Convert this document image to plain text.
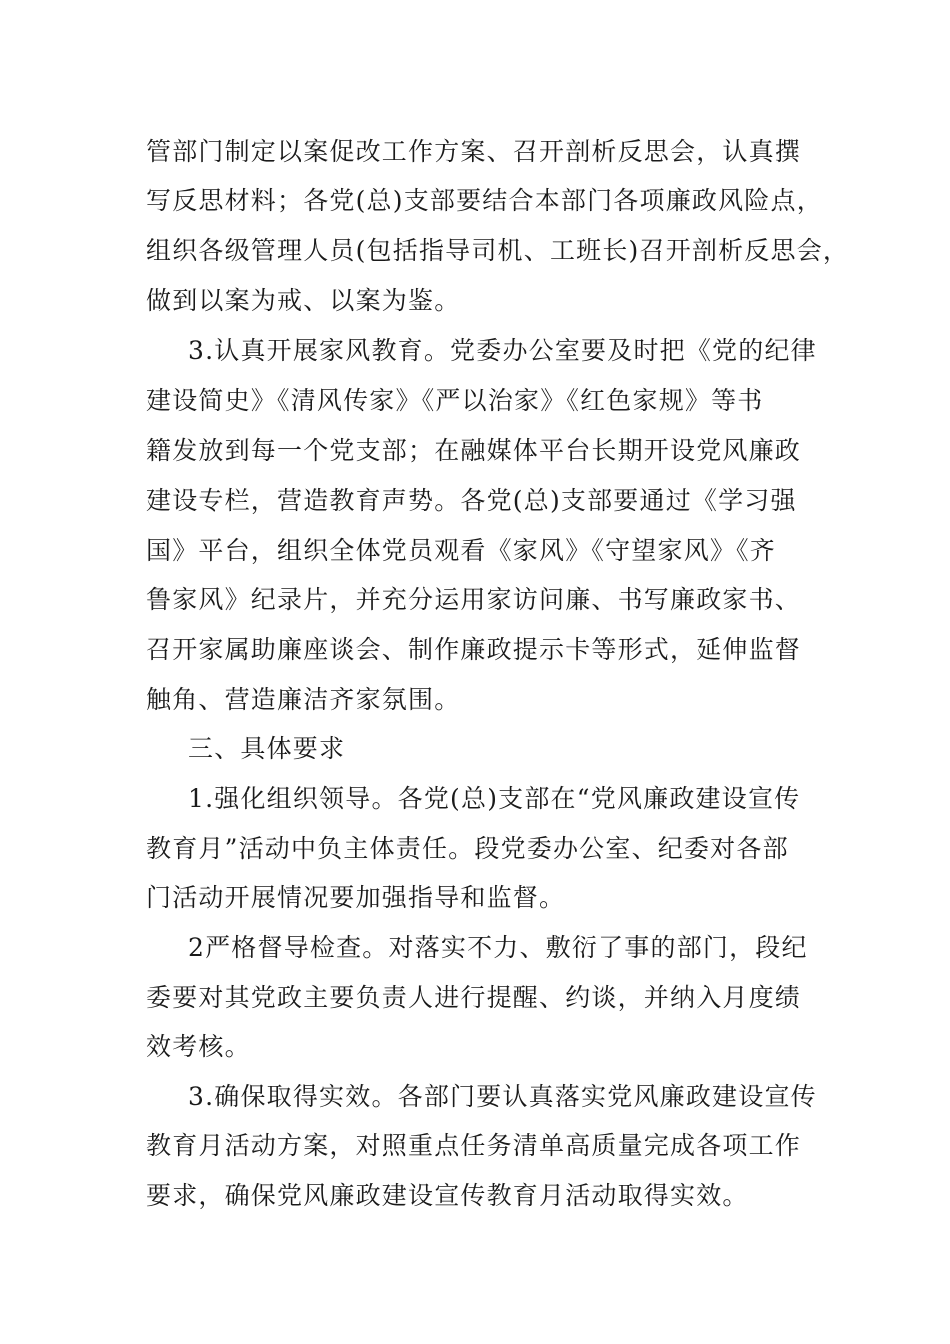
管部门制定以案促改工作方案、召开剖析反思会，认真撰

写反思材料；各党(总)支部要结合本部门各项廉政风险点，

组织各级管理人员(包括指导司机、工班长)召开剖析反思会，

做到以案为戒、以案为鉴。

3.认真开展家风教育。党委办公室要及时把《党的纪律

建设简史》《清风传家》《严以治家》《红色家规》等书

籍发放到每一个党支部；在融媒体平台长期开设党风廉政

建设专栏，营造教育声势。各党(总)支部要通过《学习强

国》平台，组织全体党员观看《家风》《守望家风》《齐

鲁家风》纪录片，并充分运用家访问廉、书写廉政家书、

召开家属助廉座谈会、制作廉政提示卡等形式，延伸监督

触角、营造廉洁齐家氛围。

三、具体要求

1.强化组织领导。各党(总)支部在“党风廉政建设宣传

教育月”活动中负主体责任。段党委办公室、纪委对各部

门活动开展情况要加强指导和监督。

2严格督导检查。对落实不力、敷衍了事的部门，段纪

委要对其党政主要负责人进行提醒、约谈，并纳入月度绩

效考核。

3.确保取得实效。各部门要认真落实党风廉政建设宣传

教育月活动方案，对照重点任务清单高质量完成各项工作

要求，确保党风廉政建设宣传教育月活动取得实效。
